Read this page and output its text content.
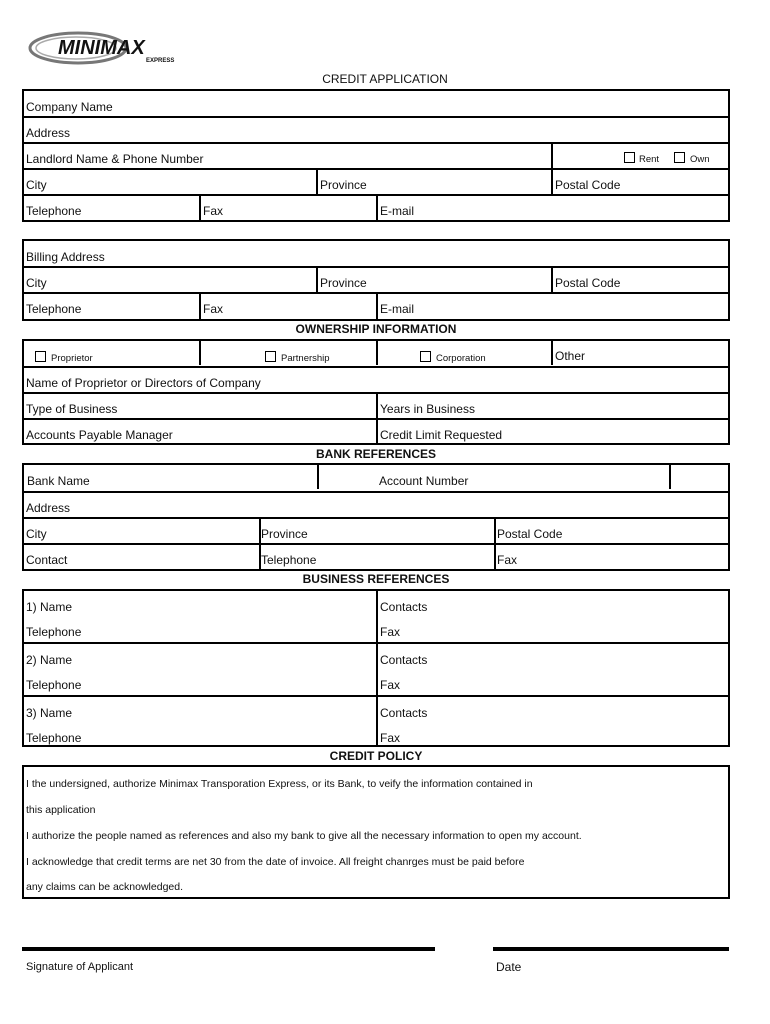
MINIMAX
EXPRESS
CREDIT APPLICATION
Company Name
Address
Landlord Name & Phone Number	Rent	Own
City	Province	Postal Code
Telephone	Fax	E-mail
Billing Address
City	Province	Postal Code
Telephone	Fax	E-mail
OWNERSHIP INFORMATION
Proprietor	Partnership	Corporation	Other
Name of Proprietor or Directors of Company
Type of Business	Years in Business
Accounts Payable Manager	Credit Limit Requested
BANK REFERENCES
Bank Name	Account Number
Address
City	Province	Postal Code
Contact	Telephone	Fax
BUSINESS REFERENCES
1) Name	Contacts
Telephone	Fax
2) Name	Contacts
Telephone	Fax
3) Name	Contacts
Telephone	Fax
CREDIT POLICY
I the undersigned, authorize Minimax Transporation Express, or its Bank, to veify the information contained in
this application
I authorize the people named as references and also my bank to give all the necessary information to open my account.
I acknowledge that credit terms are net 30 from the date of invoice. All freight chanrges must be paid before
any claims can be acknowledged.
Signature of Applicant	Date
